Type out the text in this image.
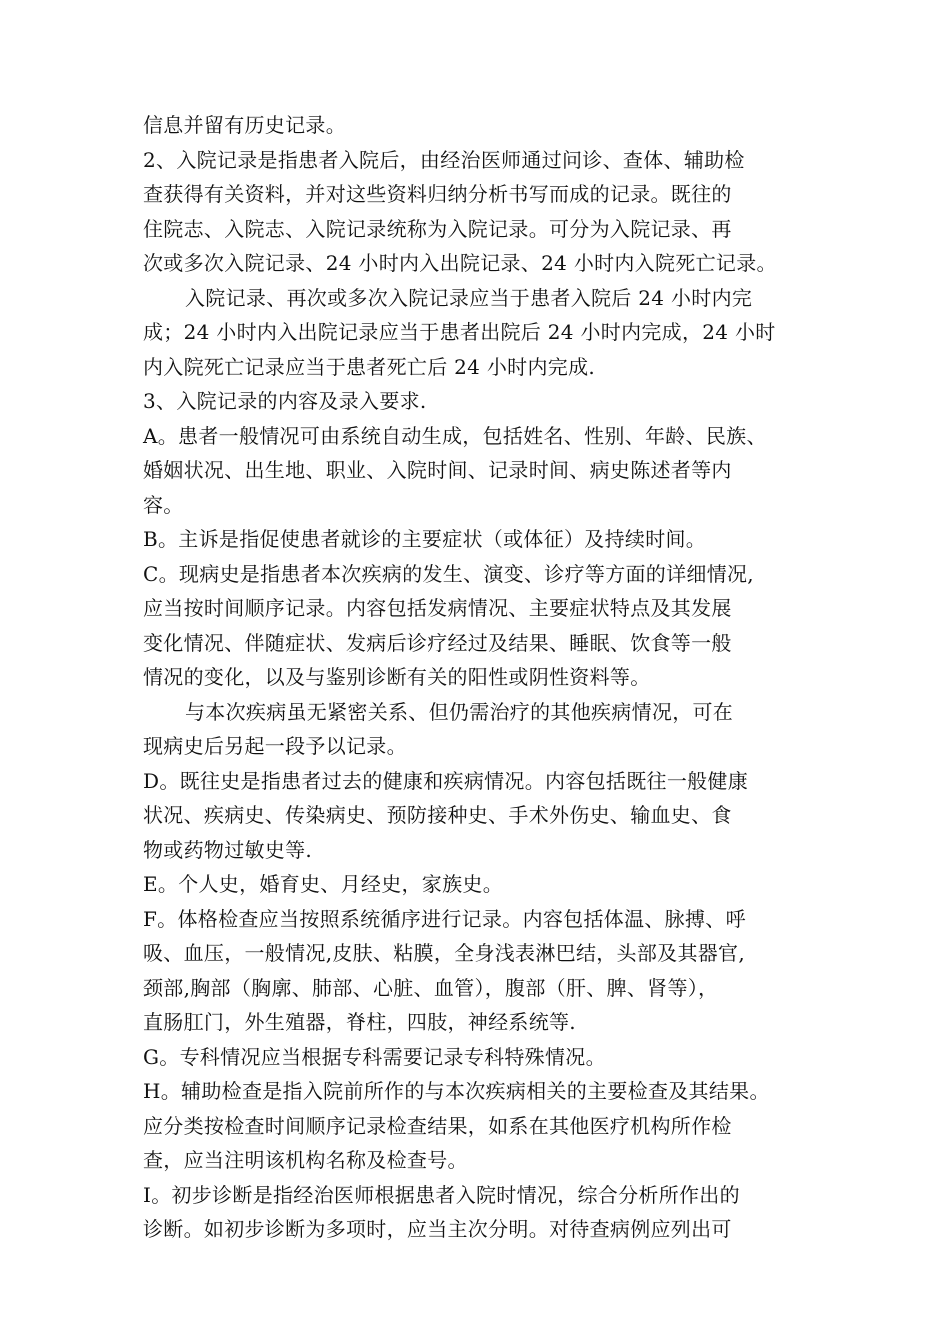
信息并留有历史记录。
2、入院记录是指患者入院后，由经治医师通过问诊、查体、辅助检
查获得有关资料，并对这些资料归纳分析书写而成的记录。既往的
住院志、入院志、入院记录统称为入院记录。可分为入院记录、再
次或多次入院记录、24 小时内入出院记录、24 小时内入院死亡记录。
入院记录、再次或多次入院记录应当于患者入院后 24 小时内完
成；24 小时内入出院记录应当于患者出院后 24 小时内完成，24 小时
内入院死亡记录应当于患者死亡后 24 小时内完成.
3、入院记录的内容及录入要求.
A。患者一般情况可由系统自动生成，包括姓名、性别、年龄、民族、
婚姻状况、出生地、职业、入院时间、记录时间、病史陈述者等内
容。
B。主诉是指促使患者就诊的主要症状（或体征）及持续时间。
C。现病史是指患者本次疾病的发生、演变、诊疗等方面的详细情况,
应当按时间顺序记录。内容包括发病情况、主要症状特点及其发展
变化情况、伴随症状、发病后诊疗经过及结果、睡眠、饮食等一般
情况的变化，以及与鉴别诊断有关的阳性或阴性资料等。
与本次疾病虽无紧密关系、但仍需治疗的其他疾病情况，可在
现病史后另起一段予以记录。
D。既往史是指患者过去的健康和疾病情况。内容包括既往一般健康
状况、疾病史、传染病史、预防接种史、手术外伤史、输血史、食
物或药物过敏史等.
E。个人史，婚育史、月经史，家族史。
F。体格检查应当按照系统循序进行记录。内容包括体温、脉搏、呼
吸、血压，一般情况,皮肤、粘膜，全身浅表淋巴结，头部及其器官,
颈部,胸部（胸廓、肺部、心脏、血管），腹部（肝、脾、肾等），
直肠肛门，外生殖器，脊柱，四肢，神经系统等.
G。专科情况应当根据专科需要记录专科特殊情况。
H。辅助检查是指入院前所作的与本次疾病相关的主要检查及其结果。
应分类按检查时间顺序记录检查结果，如系在其他医疗机构所作检
查，应当注明该机构名称及检查号。
I。初步诊断是指经治医师根据患者入院时情况，综合分析所作出的
诊断。如初步诊断为多项时，应当主次分明。对待查病例应列出可
